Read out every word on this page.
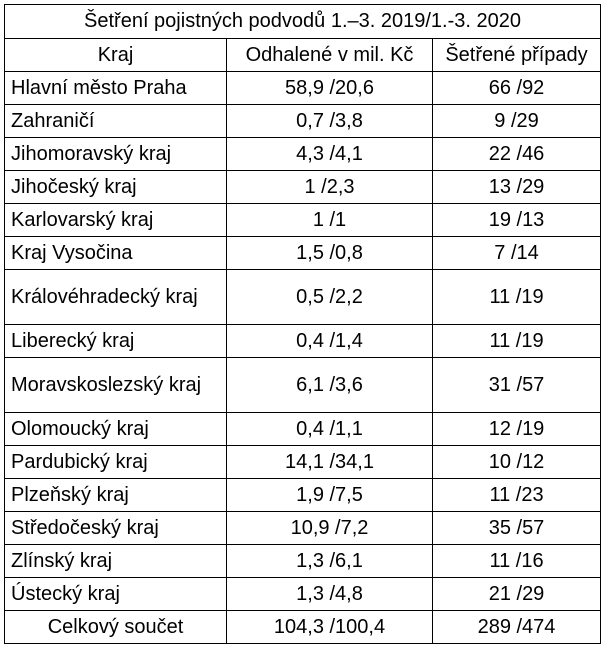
Šetření pojistných podvodů 1.–3. 2019/1.-3. 2020		
Kraj	Odhalené v mil. Kč	Šetřené případy
Hlavní město Praha	58,9 /20,6	66 /92
Zahraničí	0,7 /3,8	9 /29
Jihomoravský kraj	4,3 /4,1	22 /46
Jihočeský kraj	1 /2,3	13 /29
Karlovarský kraj	1 /1	19 /13
Kraj Vysočina	1,5 /0,8	7 /14
Královéhradecký kraj	0,5 /2,2	11 /19
Liberecký kraj	0,4 /1,4	11 /19
Moravskoslezský kraj	6,1 /3,6	31 /57
Olomoucký kraj	0,4 /1,1	12 /19
Pardubický kraj	14,1 /34,1	10 /12
Plzeňský kraj	1,9 /7,5	11 /23
Středočeský kraj	10,9 /7,2	35 /57
Zlínský kraj	1,3 /6,1	11 /16
Ústecký kraj	1,3 /4,8	21 /29
Celkový součet	104,3 /100,4	289 /474
